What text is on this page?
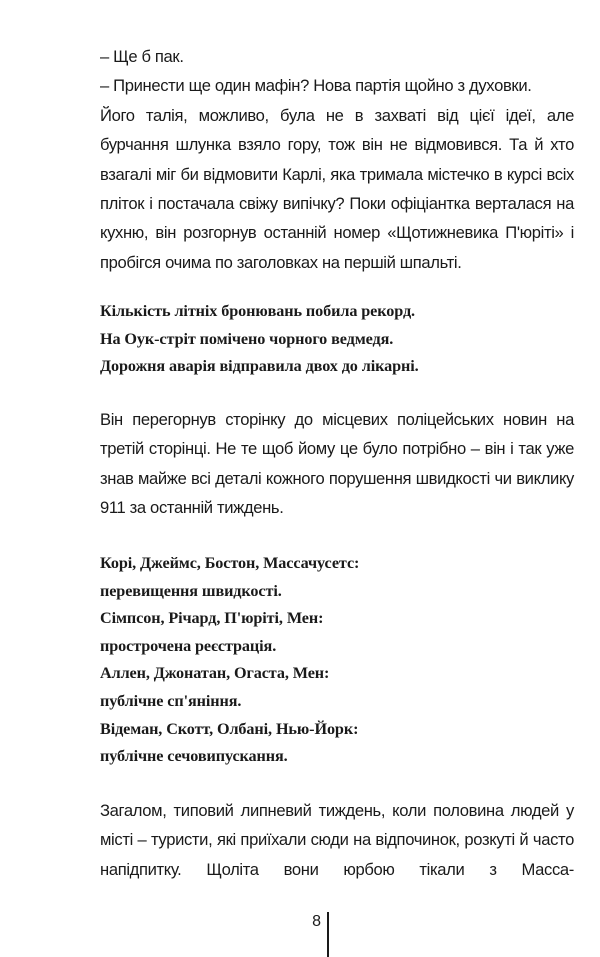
– Ще б пак.

– Принести ще один мафін? Нова партія щойно з духовки.

Його талія, можливо, була не в захваті від цієї ідеї, але бурчання шлунка взяло гору, тож він не відмовився. Та й хто взагалі міг би відмовити Карлі, яка тримала містечко в курсі всіх пліток і постачала свіжу випічку? Поки офіціантка верталася на кухню, він розгорнув останній номер «Щотижневика П'юріті» і пробігся очима по заголовках на першій шпальті.

Кількість літніх бронювань побила рекорд.
На Оук-стріт помічено чорного ведмедя.
Дорожня аварія відправила двох до лікарні.

Він перегорнув сторінку до місцевих поліцейських новин на третій сторінці. Не те щоб йому це було потрібно – він і так уже знав майже всі деталі кожного порушення швидкості чи виклику 911 за останній тиждень.

Корі, Джеймс, Бостон, Массачусетс:
перевищення швидкості.
Сімпсон, Річард, П'юріті, Мен:
прострочена реєстрація.
Аллен, Джонатан, Огаста, Мен:
публічне сп'яніння.
Відеман, Скотт, Олбані, Нью-Йорк:
публічне сечовипускання.

Загалом, типовий липневий тиждень, коли половина людей у місті – туристи, які приїхали сюди на відпочинок, розкуті й часто напідпитку. Щоліта вони юрбою тікали з Масса-

8
